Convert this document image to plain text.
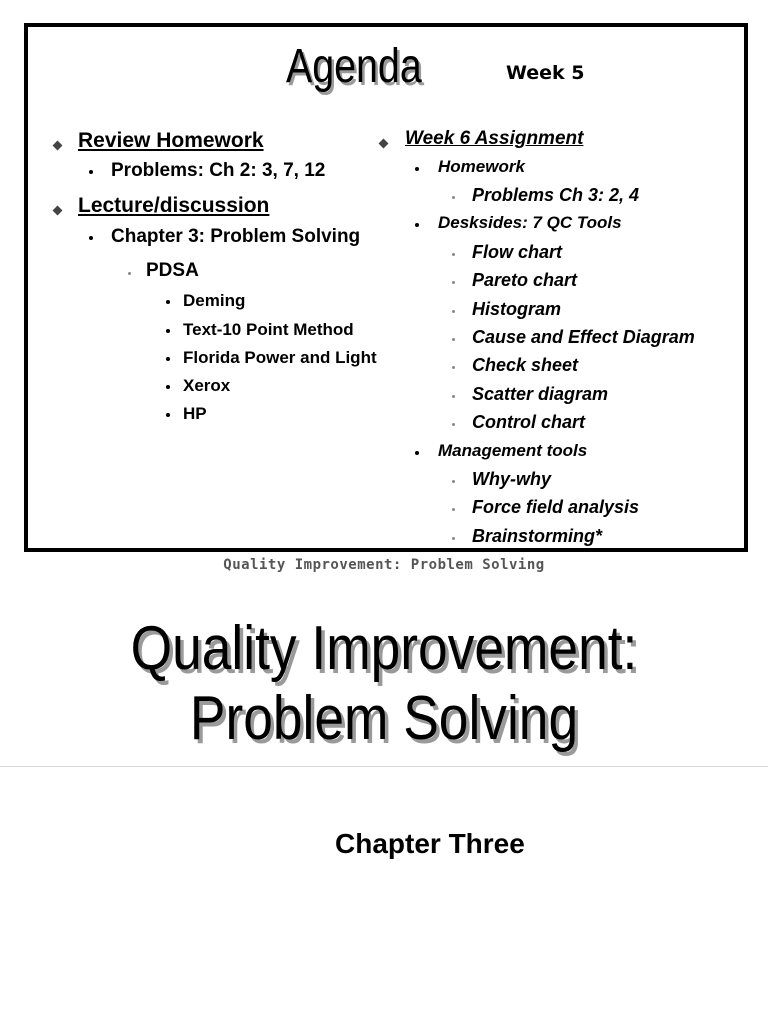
Agenda	Week 5
Review Homework
Problems: Ch 2: 3, 7, 12
Lecture/discussion
Chapter 3: Problem Solving
PDSA
Deming
Text-10 Point Method
Florida Power and Light
Xerox
HP
Week 6 Assignment
Homework
Problems Ch 3: 2, 4
Desksides: 7 QC Tools
Flow chart
Pareto chart
Histogram
Cause and Effect Diagram
Check sheet
Scatter diagram
Control chart
Management tools
Why-why
Force field analysis
Brainstorming*
Quality Improvement: Problem Solving
Quality Improvement:
Problem Solving
Chapter Three
